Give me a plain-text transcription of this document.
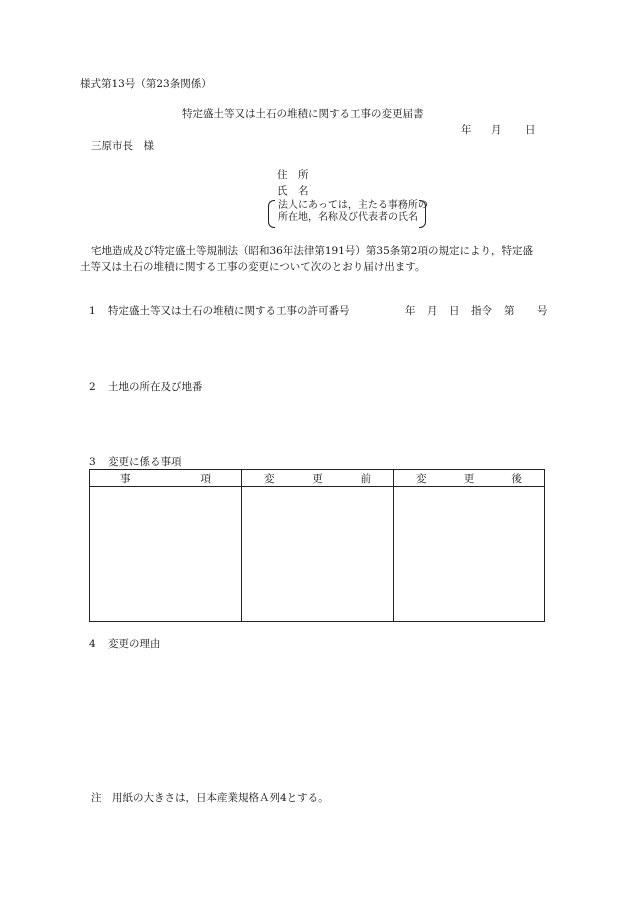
様式第13号（第23条関係）
特定盛土等又は土石の堆積に関する工事の変更届書
年 月 日
三原市長　様
住　所
氏　名
法人にあっては，主たる事務所の
所在地，名称及び代表者の氏名
宅地造成及び特定盛土等規制法（昭和36年法律第191号）第35条第2項の規定により，特定盛
土等又は土石の堆積に関する工事の変更について次のとおり届け出ます。
1 特定盛土等又は土石の堆積に関する工事の許可番号	年 月 日 指令 第 号
2 土地の所在及び地番
3 変更に係る事項
事 項	変 更 前	変 更 後

4 変更の理由
注　用紙の大きさは，日本産業規格Ａ列4とする。
